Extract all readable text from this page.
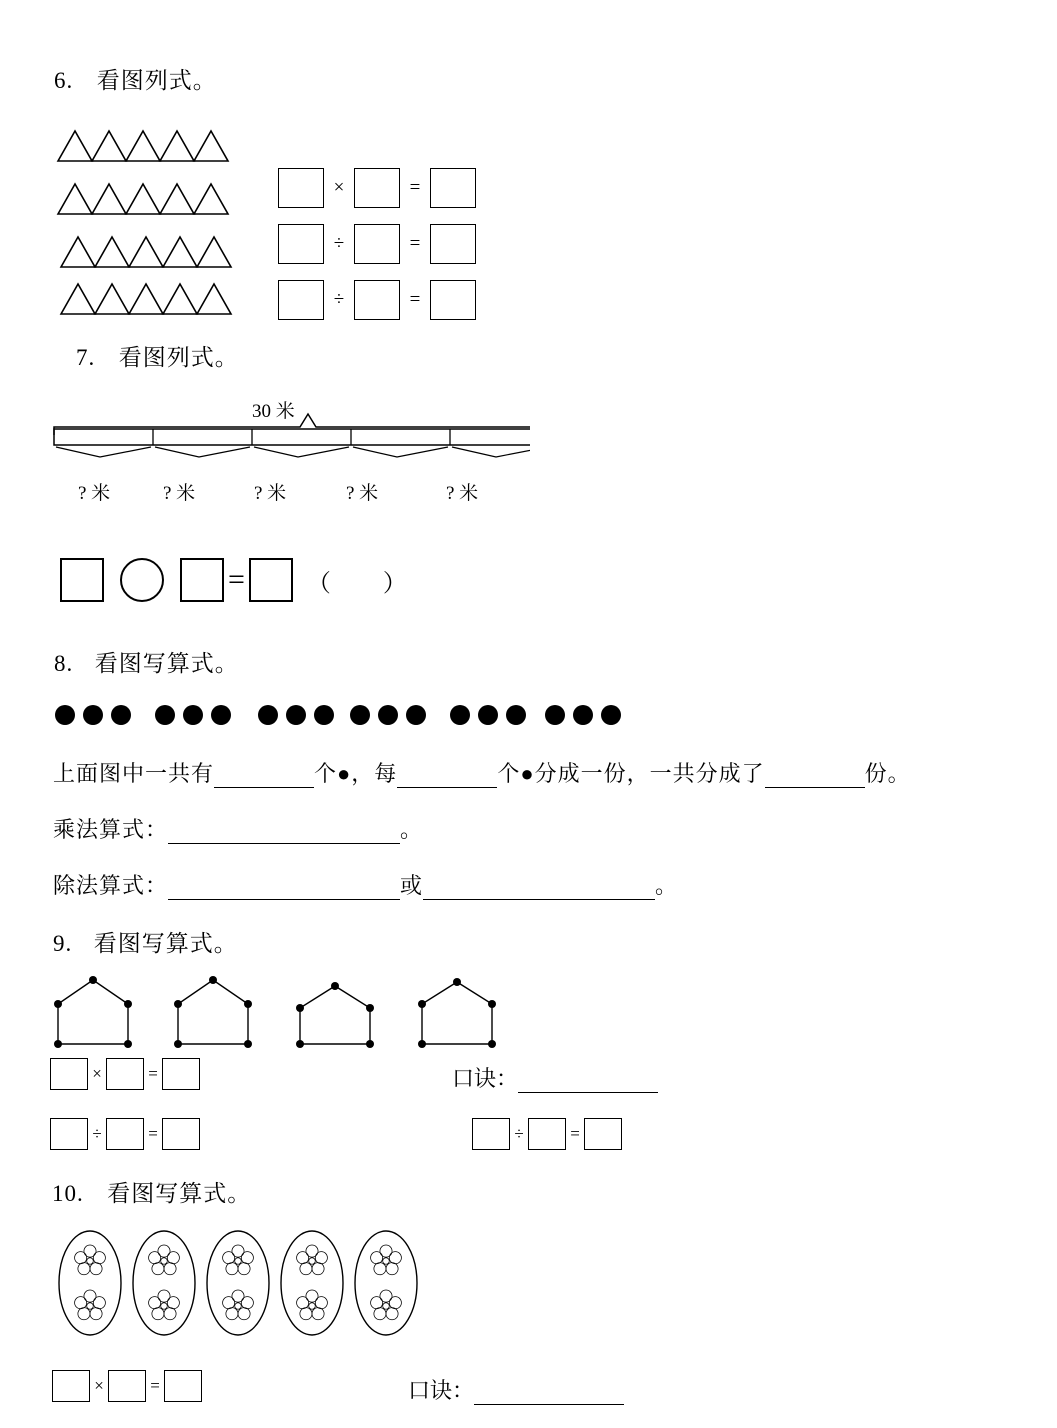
6. 看图列式。
×	=
÷	=
÷	=
7. 看图列式。
30 米
? 米	? 米	? 米	? 米	? 米
=	（ ）
8. 看图写算式。
上面图中一共有	个●，每	个●分成一份，一共分成了	份。
乘法算式：	。
除法算式：	或	。
9. 看图写算式。
×	=	口诀：
÷	=	÷	=
10. 看图写算式。
×	=	口诀：
